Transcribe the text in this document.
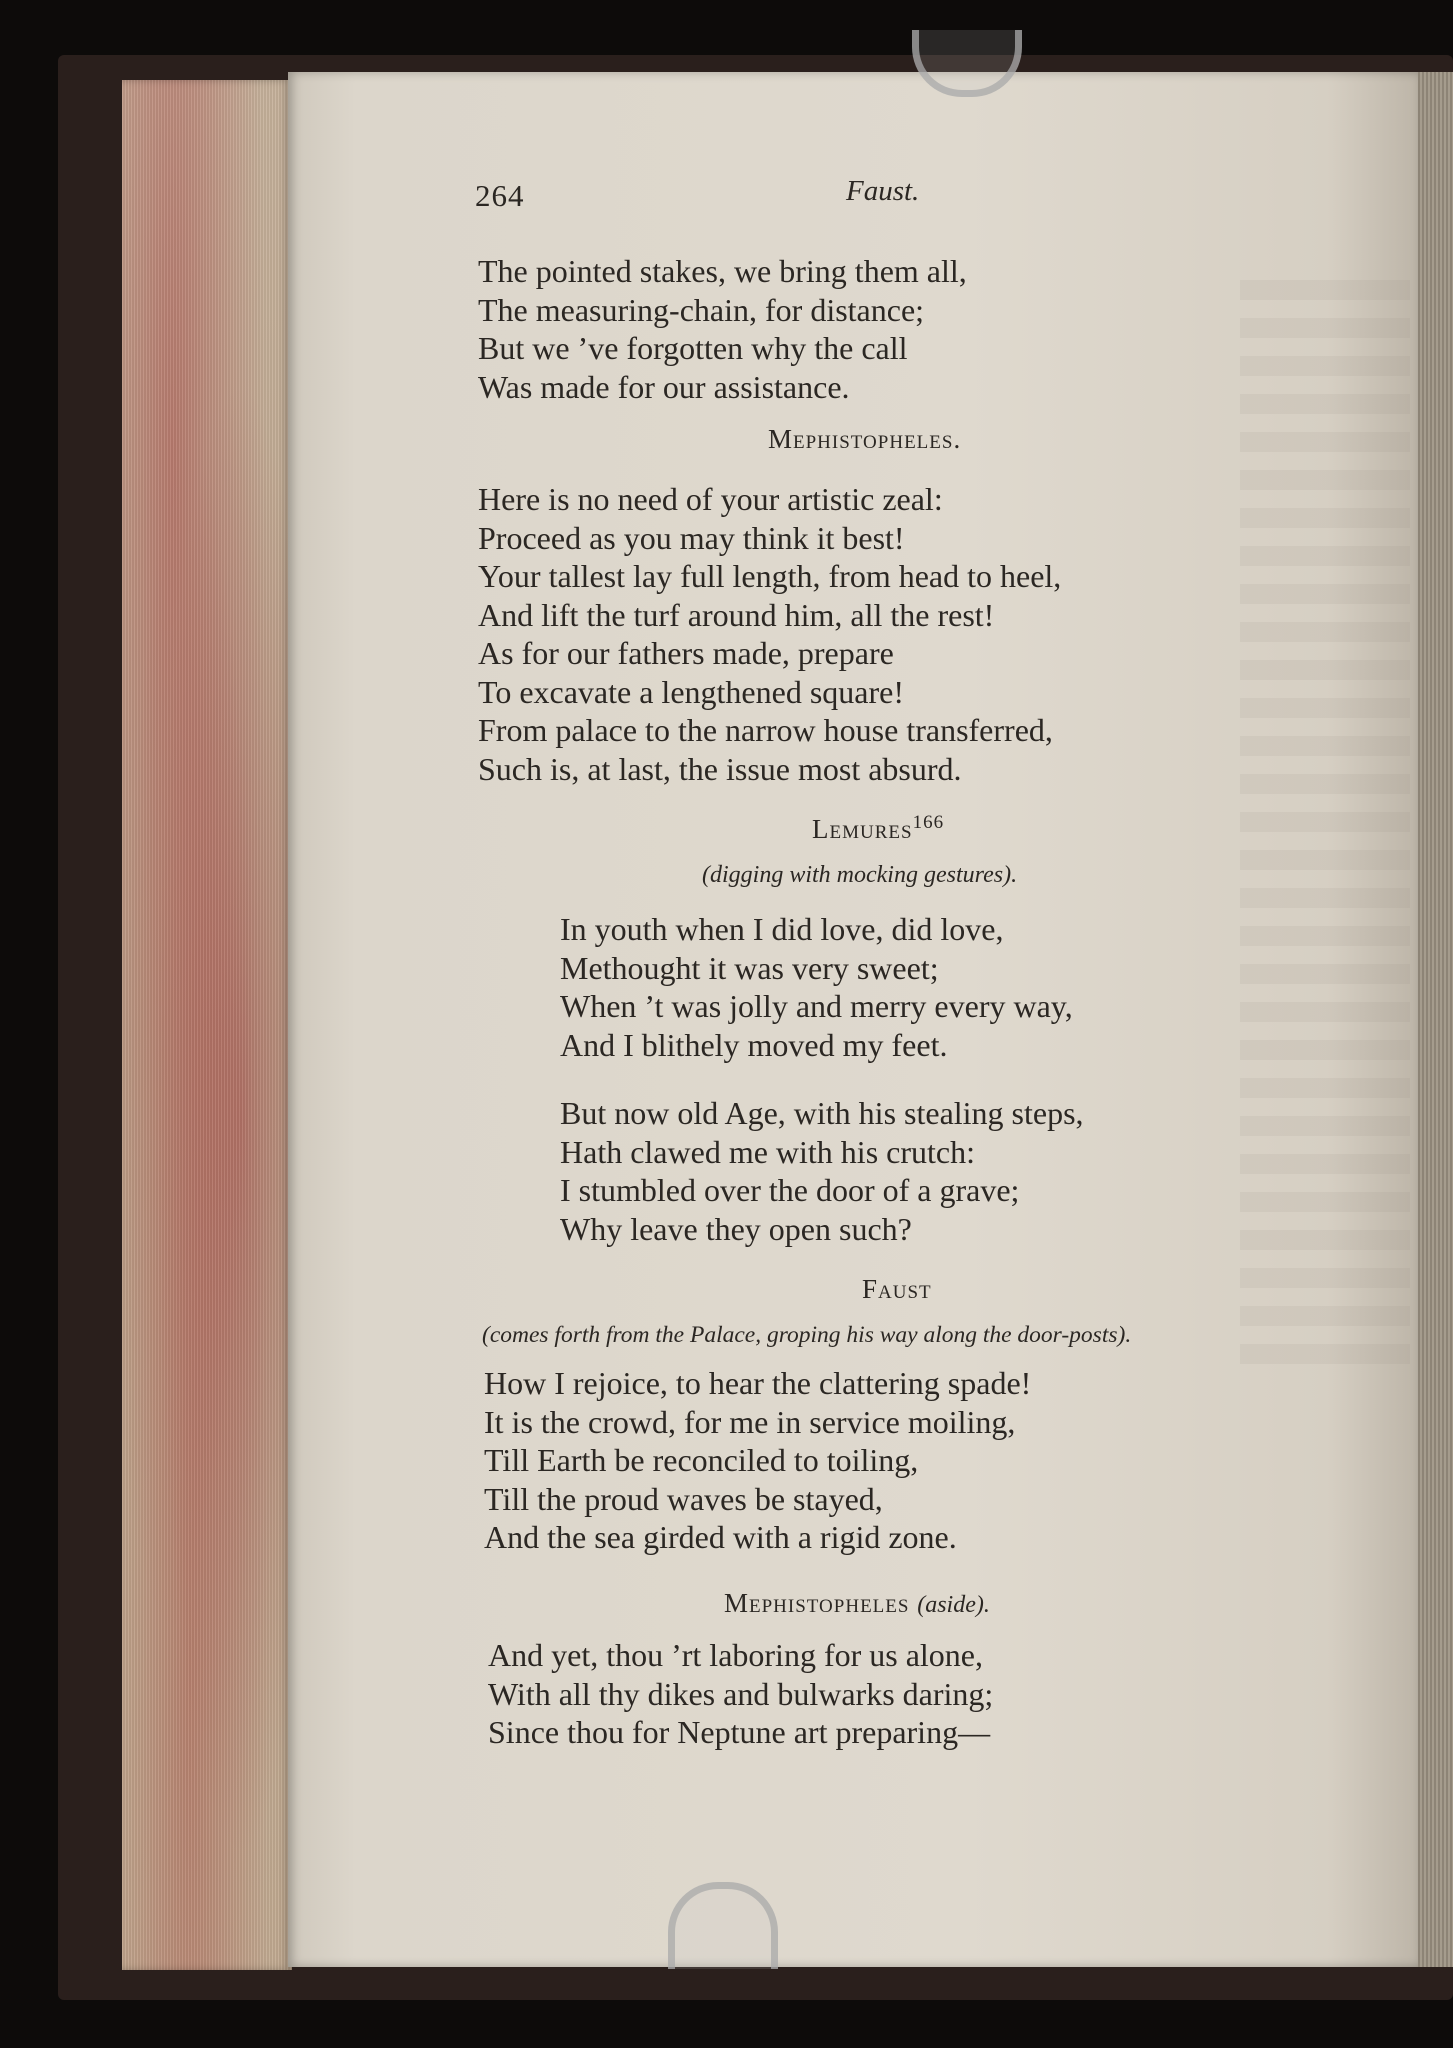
264	Faust.
The pointed stakes, we bring them all,
The measuring-chain, for distance;
But we ’ve forgotten why the call
Was made for our assistance.
Mephistopheles.
Here is no need of your artistic zeal:
Proceed as you may think it best!
Your tallest lay full length, from head to heel,
And lift the turf around him, all the rest!
As for our fathers made, prepare
To excavate a lengthened square!
From palace to the narrow house transferred,
Such is, at last, the issue most absurd.
Lemures$^{166}$
(digging with mocking gestures).
In youth when I did love, did love,
Methought it was very sweet;
When ’t was jolly and merry every way,
And I blithely moved my feet.
But now old Age, with his stealing steps,
Hath clawed me with his crutch:
I stumbled over the door of a grave;
Why leave they open such?
Faust
(comes forth from the Palace, groping his way along the door-posts).
How I rejoice, to hear the clattering spade!
It is the crowd, for me in service moiling,
Till Earth be reconciled to toiling,
Till the proud waves be stayed,
And the sea girded with a rigid zone.
Mephistopheles (aside).
And yet, thou ’rt laboring for us alone,
With all thy dikes and bulwarks daring;
Since thou for Neptune art preparing—
